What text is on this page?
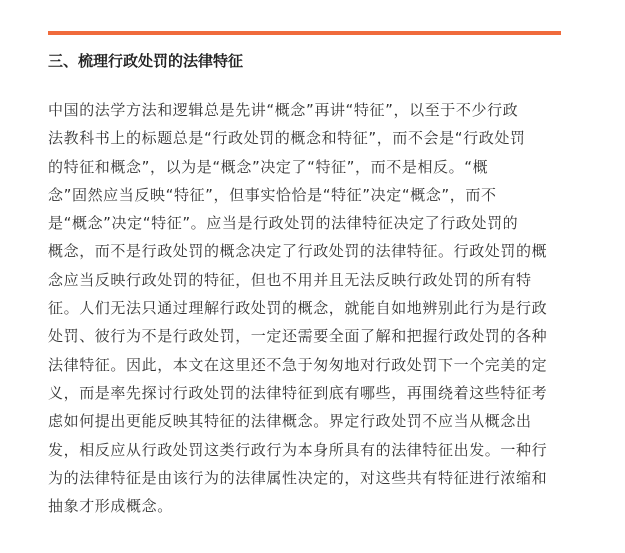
三、梳理行政处罚的法律特征
中国的法学方法和逻辑总是先讲“概念”再讲“特征”，以至于不少行政
法教科书上的标题总是“行政处罚的概念和特征”，而不会是“行政处罚
的特征和概念”，以为是“概念”决定了“特征”，而不是相反。“概
念”固然应当反映“特征”，但事实恰恰是“特征”决定“概念”，而不
是“概念”决定“特征”。应当是行政处罚的法律特征决定了行政处罚的
概念，而不是行政处罚的概念决定了行政处罚的法律特征。行政处罚的概
念应当反映行政处罚的特征，但也不用并且无法反映行政处罚的所有特
征。人们无法只通过理解行政处罚的概念，就能自如地辨别此行为是行政
处罚、彼行为不是行政处罚，一定还需要全面了解和把握行政处罚的各种
法律特征。因此，本文在这里还不急于匆匆地对行政处罚下一个完美的定
义，而是率先探讨行政处罚的法律特征到底有哪些，再围绕着这些特征考
虑如何提出更能反映其特征的法律概念。界定行政处罚不应当从概念出
发，相反应从行政处罚这类行政行为本身所具有的法律特征出发。一种行
为的法律特征是由该行为的法律属性决定的，对这些共有特征进行浓缩和
抽象才形成概念。
